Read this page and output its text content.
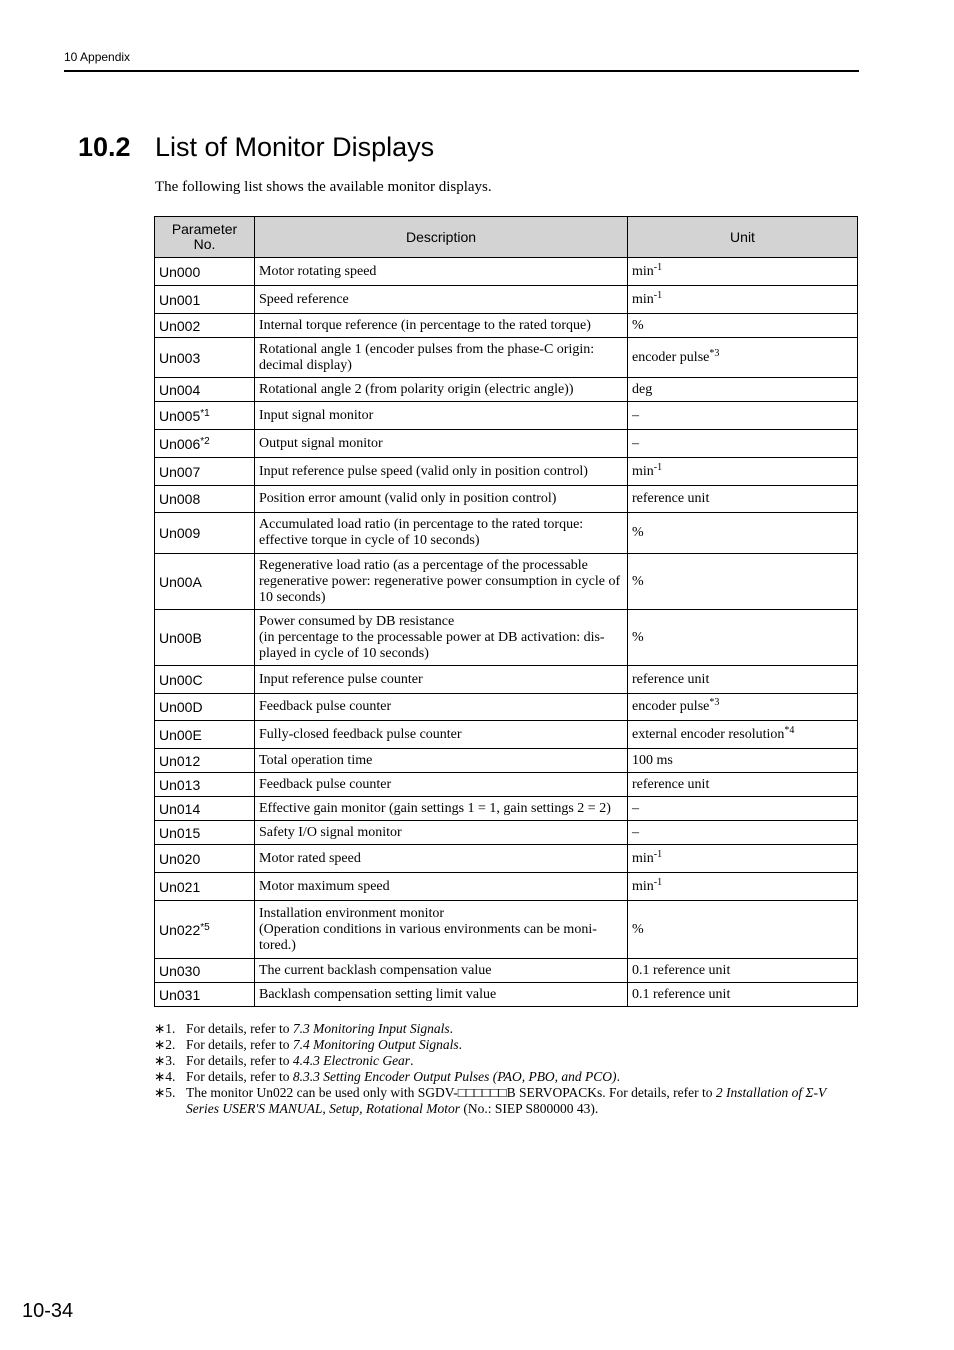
10 Appendix
10.2 List of Monitor Displays
The following list shows the available monitor displays.
Parameter No.	Description	Unit
Un000	Motor rotating speed	$\min^{-1}$
Un001	Speed reference	$\min^{-1}$
Un002	Internal torque reference (in percentage to the rated torque)	%
Un003	Rotational angle 1 (encoder pulses from the phase-C origin: decimal display)	encoder pulse$^{*3}$
Un004	Rotational angle 2 (from polarity origin (electric angle))	deg
Un005$^{*1}$	Input signal monitor	–
Un006$^{*2}$	Output signal monitor	–
Un007	Input reference pulse speed (valid only in position control)	$\min^{-1}$
Un008	Position error amount (valid only in position control)	reference unit
Un009	Accumulated load ratio (in percentage to the rated torque: effective torque in cycle of 10 seconds)	%
Un00A	Regenerative load ratio (as a percentage of the processable regenerative power: regenerative power consumption in cycle of 10 seconds)	%
Un00B	Power consumed by DB resistance
(in percentage to the processable power at DB activation: dis-played in cycle of 10 seconds)	%
Un00C	Input reference pulse counter	reference unit
Un00D	Feedback pulse counter	encoder pulse$^{*3}$
Un00E	Fully-closed feedback pulse counter	external encoder resolution$^{*4}$
Un012	Total operation time	100 ms
Un013	Feedback pulse counter	reference unit
Un014	Effective gain monitor (gain settings 1 = 1, gain settings 2 = 2)	–
Un015	Safety I/O signal monitor	–
Un020	Motor rated speed	$\min^{-1}$
Un021	Motor maximum speed	$\min^{-1}$
Un022$^{*5}$	Installation environment monitor
(Operation conditions in various environments can be moni-tored.)	%
Un030	The current backlash compensation value	0.1 reference unit
Un031	Backlash compensation setting limit value	0.1 reference unit
∗1. For details, refer to 7.3 Monitoring Input Signals.
∗2. For details, refer to 7.4 Monitoring Output Signals.
∗3. For details, refer to 4.4.3 Electronic Gear.
∗4. For details, refer to 8.3.3 Setting Encoder Output Pulses (PAO, PBO, and PCO).
∗5. The monitor Un022 can be used only with SGDV-□□□□□□B SERVOPACKs. For details, refer to 2 Installation of Σ-V Series USER'S MANUAL, Setup, Rotational Motor (No.: SIEP S800000 43).
10-34
